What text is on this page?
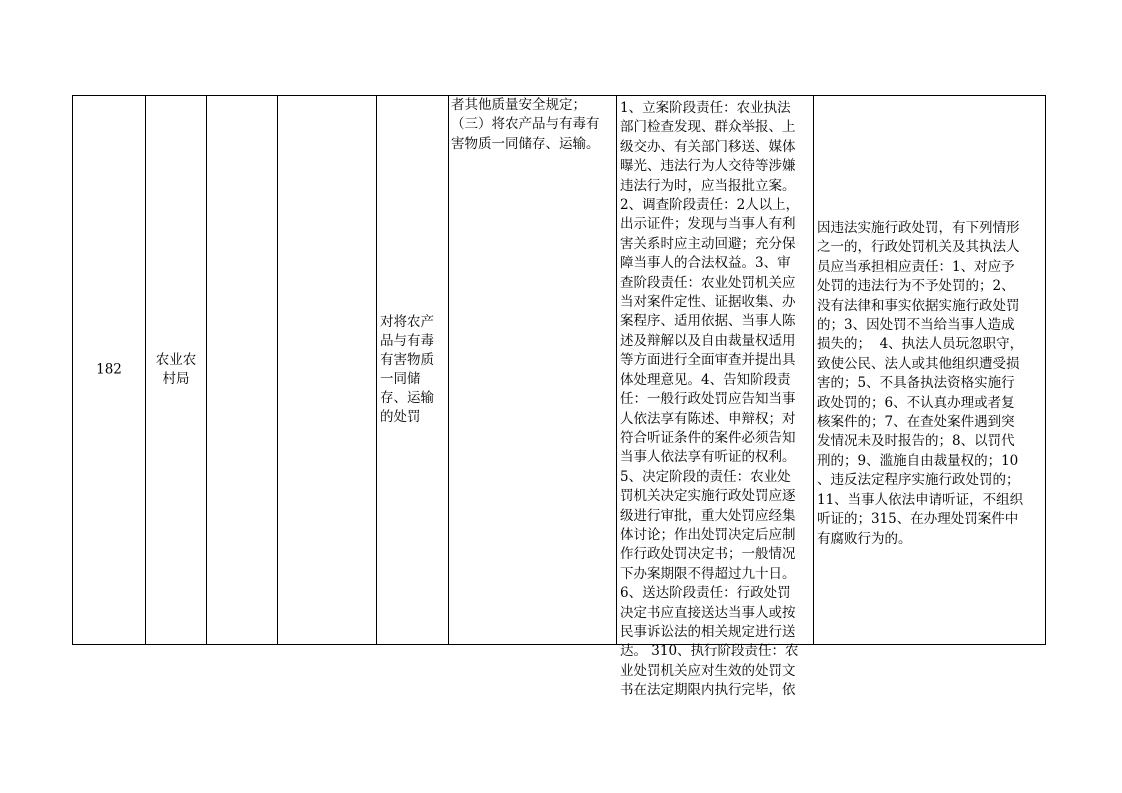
182
农业农村局
对将农产品与有毒有害物质一同储存、运输的处罚

者其他质量安全规定；

（三）将农产品与有毒有

害物质一同储存、运输。

1、立案阶段责任：农业执法

部门检查发现、群众举报、上

级交办、有关部门移送、媒体

曝光、违法行为人交待等涉嫌

违法行为时，应当报批立案。

2、调查阶段责任：2人以上，

出示证件；发现与当事人有利

害关系时应主动回避；充分保

障当事人的合法权益。3、审

查阶段责任：农业处罚机关应

当对案件定性、证据收集、办

案程序、适用依据、当事人陈

述及辩解以及自由裁量权适用

等方面进行全面审查并提出具

体处理意见。4、告知阶段责

任：一般行政处罚应告知当事

人依法享有陈述、申辩权；对

符合听证条件的案件必须告知

当事人依法享有听证的权利。

5、决定阶段的责任：农业处

罚机关决定实施行政处罚应逐

级进行审批，重大处罚应经集

体讨论；作出处罚决定后应制

作行政处罚决定书；一般情况

下办案期限不得超过九十日。

6、送达阶段责任：行政处罚

决定书应直接送达当事人或按

民事诉讼法的相关规定进行送

达。 310、执行阶段责任：农

业处罚机关应对生效的处罚文

书在法定期限内执行完毕，依

因违法实施行政处罚，有下列情形

之一的，行政处罚机关及其执法人

员应当承担相应责任：1、对应予

处罚的违法行为不予处罚的；2、

没有法律和事实依据实施行政处罚

的；3、因处罚不当给当事人造成

损失的；  4、执法人员玩忽职守，

致使公民、法人或其他组织遭受损

害的；5、不具备执法资格实施行

政处罚的；6、不认真办理或者复

核案件的；7、在查处案件遇到突

发情况未及时报告的；8、以罚代

刑的；9、滥施自由裁量权的；10

、违反法定程序实施行政处罚的；

11、当事人依法申请听证，不组织

听证的；315、在办理处罚案件中

有腐败行为的。
